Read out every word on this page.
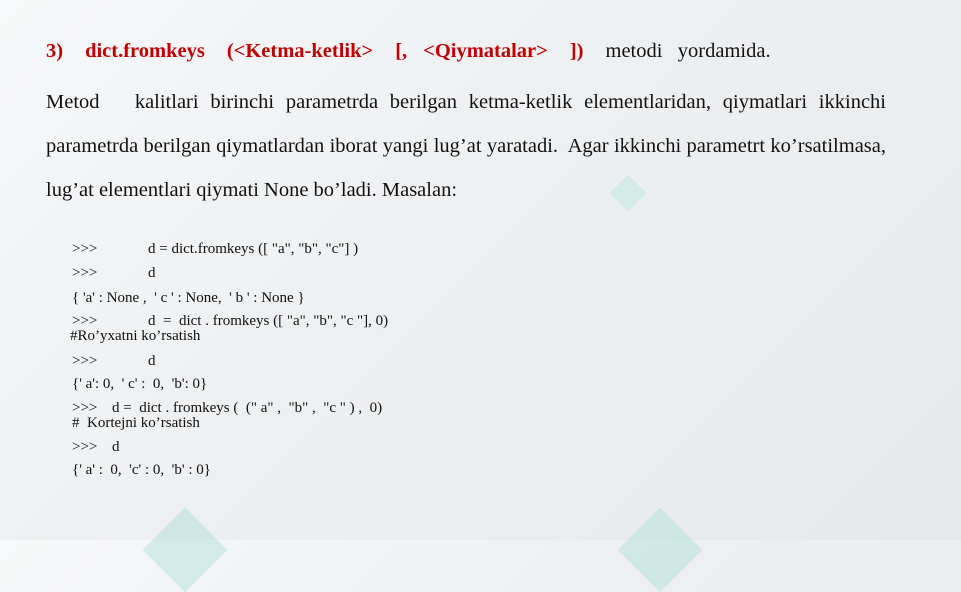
3) dict.fromkeys (<Ketma-ketlik> [, <Qiymatalar> ]) metodi   yordamida.
Metod   kalitlari birinchi parametrda berilgan ketma-ketlik elementlaridan, qiymatlari ikkinchi parametrda berilgan qiymatlardan iborat yangi lug’at yaratadi.  Agar ikkinchi parametrt ko’rsatilmasa, lug’at elementlari qiymati None bo’ladi. Masalan:
>>>	d = dict.fromkeys ([ "a", "b", "c"] )
>>>	d
{ 'a' : None ,  ' c ' : None,  ' b ' : None }
>>>	d  =  dict . fromkeys ([ "a", "b", "c "], 0)
#Ro’yxatni ko’rsatish
>>>	d
{' a': 0,  ' c' :  0,  'b': 0}
>>> d =  dict . fromkeys (  (" a" ,  "b" ,  "c " ) ,  0)
#  Kortejni ko’rsatish
>>> d
{' a' :  0,  'c' : 0,  'b' : 0}
